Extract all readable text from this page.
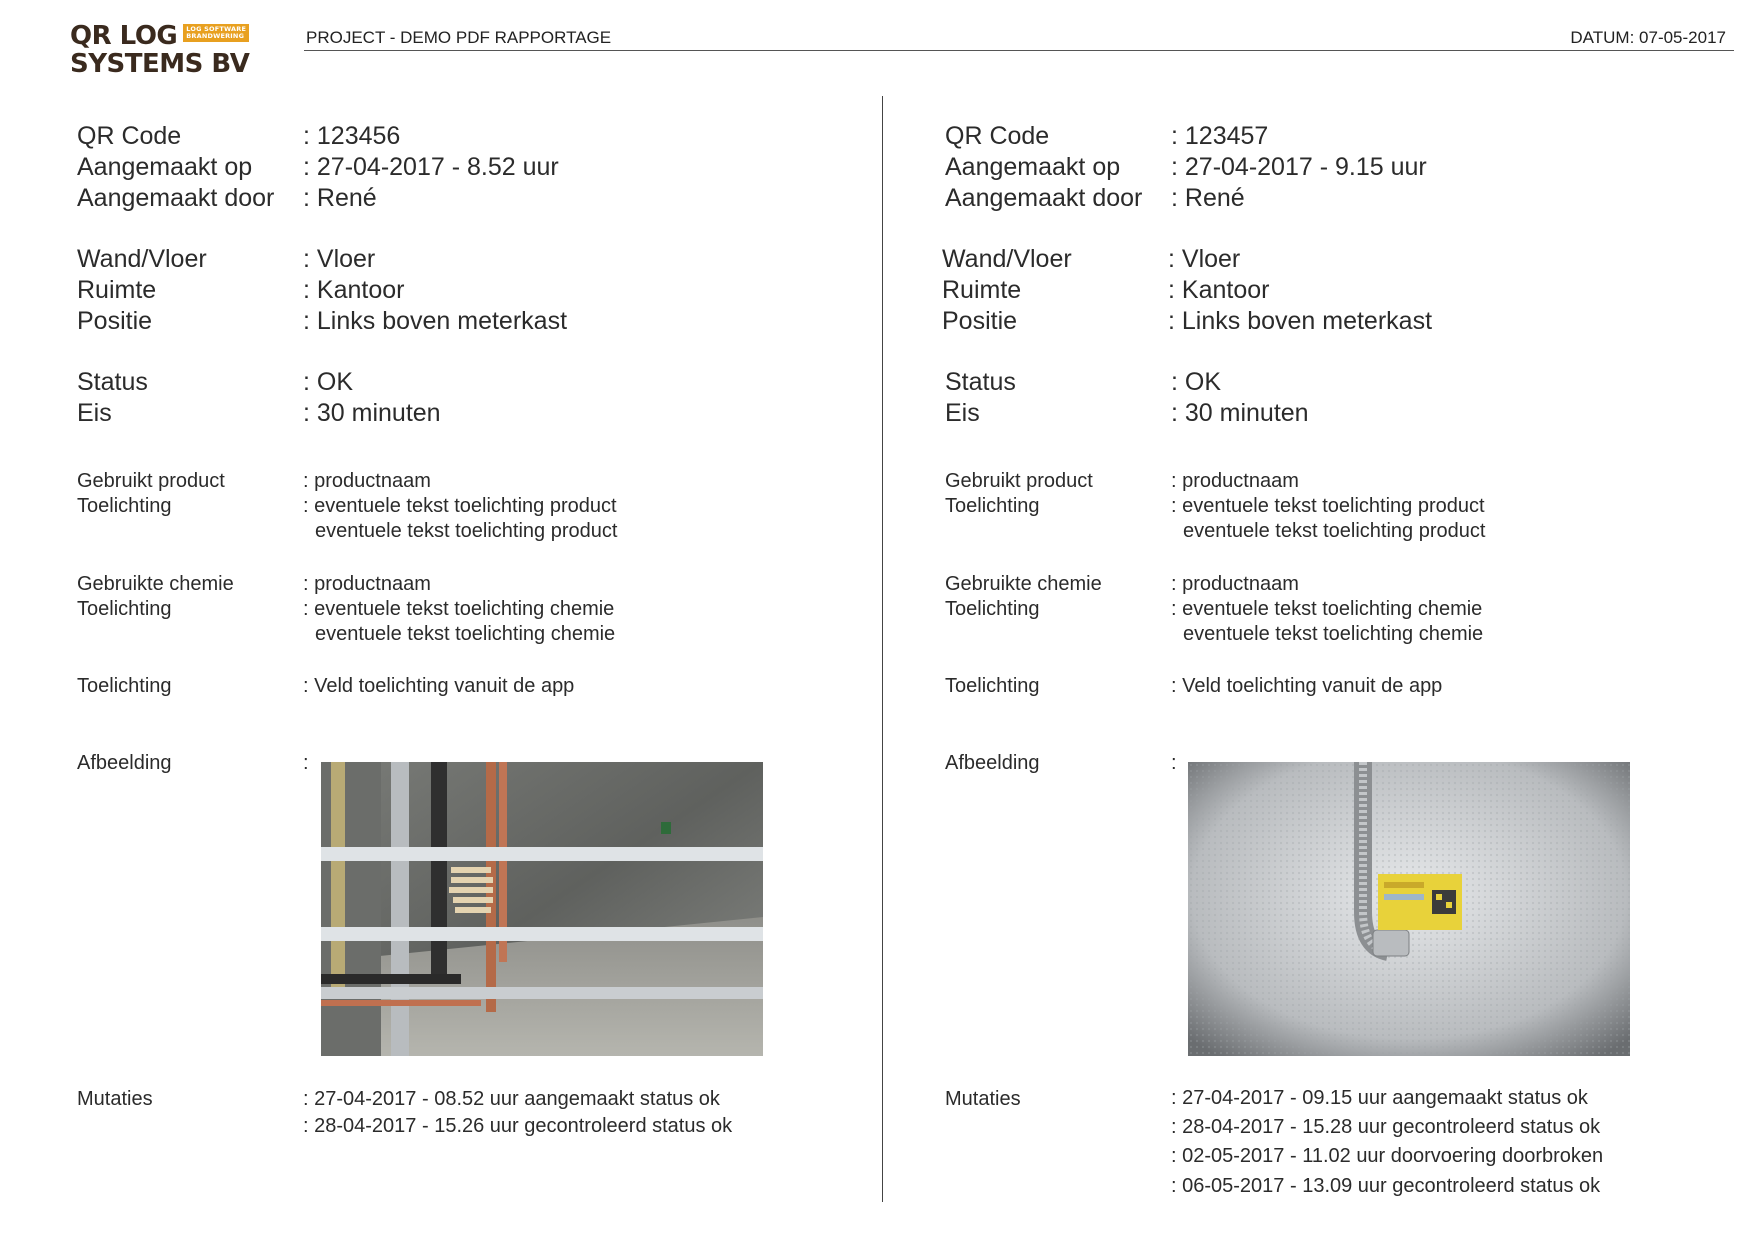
QR LOG LOG SOFTWARE
BRANDWERING
SYSTEMS BV
PROJECT - DEMO PDF RAPPORTAGE	DATUM: 07-05-2017
QR Code	: 123456
Aangemaakt op : 27-04-2017 - 8.52 uur
Aangemaakt door : René
Wand/Vloer	: Vloer
Ruimte	: Kantoor
Positie	: Links boven meterkast
Status	: OK
Eis	: 30 minuten
Gebruikt product	: productnaam
Toelichting	: eventuele tekst toelichting product
eventuele tekst toelichting product
Gebruikte chemie	: productnaam
Toelichting	: eventuele tekst toelichting chemie
eventuele tekst toelichting chemie
Toelichting	: Veld toelichting vanuit de app
Afbeelding	:
Mutaties	: 27-04-2017 - 08.52 uur aangemaakt status ok
: 28-04-2017 - 15.26 uur gecontroleerd status ok
QR Code	: 123457
Aangemaakt op : 27-04-2017 - 9.15 uur
Aangemaakt door : René
Wand/Vloer	: Vloer
Ruimte	: Kantoor
Positie	: Links boven meterkast
Status	: OK
Eis	: 30 minuten
Gebruikt product	: productnaam
Toelichting	: eventuele tekst toelichting product
eventuele tekst toelichting product
Gebruikte chemie	: productnaam
Toelichting	: eventuele tekst toelichting chemie
eventuele tekst toelichting chemie
Toelichting	: Veld toelichting vanuit de app
Afbeelding	:
Mutaties	: 27-04-2017 - 09.15 uur aangemaakt status ok
: 28-04-2017 - 15.28 uur gecontroleerd status ok
: 02-05-2017 - 11.02 uur doorvoering doorbroken
: 06-05-2017 - 13.09 uur gecontroleerd status ok
